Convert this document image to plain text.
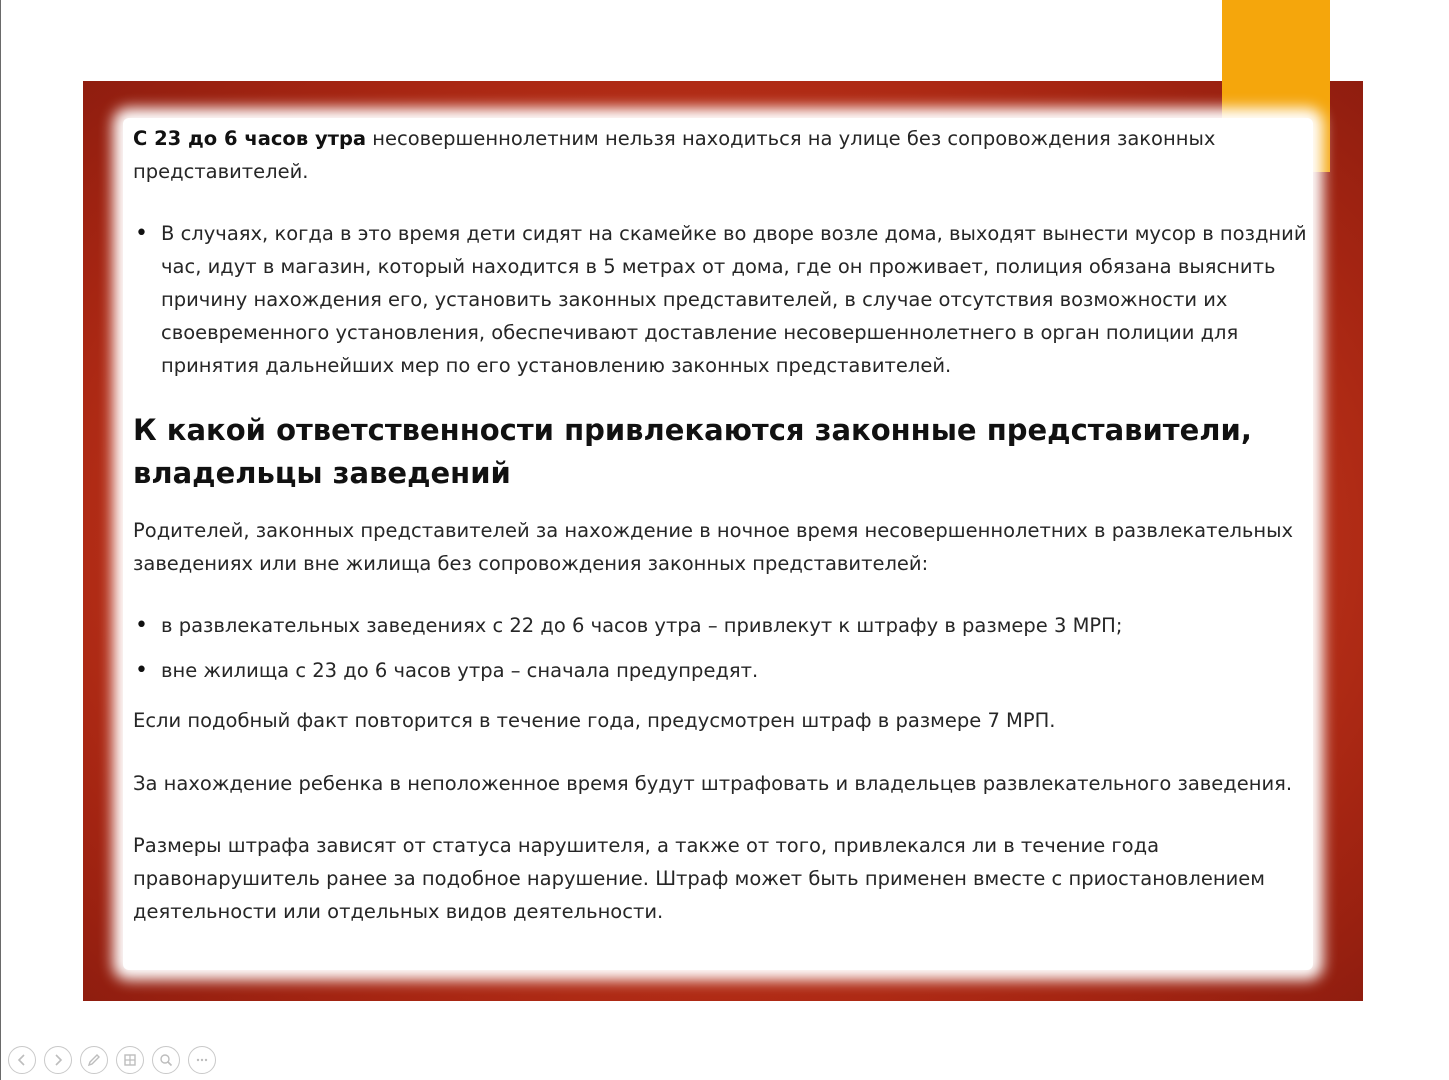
С 23 до 6 часов утра несовершеннолетним нельзя находиться на улице без сопровождения законных представителей.

• В случаях, когда в это время дети сидят на скамейке во дворе возле дома, выходят вынести мусор в поздний час, идут в магазин, который находится в 5 метрах от дома, где он проживает, полиция обязана выяснить причину нахождения его, установить законных представителей, в случае отсутствия возможности их своевременного установления, обеспечивают доставление несовершеннолетнего в орган полиции для принятия дальнейших мер по его установлению законных представителей.
К какой ответственности привлекаются законные представители, владельцы заведений

Родителей, законных представителей за нахождение в ночное время несовершеннолетних в развлекательных заведениях или вне жилища без сопровождения законных представителей:

• в развлекательных заведениях с 22 до 6 часов утра – привлекут к штрафу в размере 3 МРП;
• вне жилища с 23 до 6 часов утра – сначала предупредят.

Если подобный факт повторится в течение года, предусмотрен штраф в размере 7 МРП.

За нахождение ребенка в неположенное время будут штрафовать и владельцев развлекательного заведения.

Размеры штрафа зависят от статуса нарушителя, а также от того, привлекался ли в течение года правонарушитель ранее за подобное нарушение. Штраф может быть применен вместе с приостановлением деятельности или отдельных видов деятельности.
